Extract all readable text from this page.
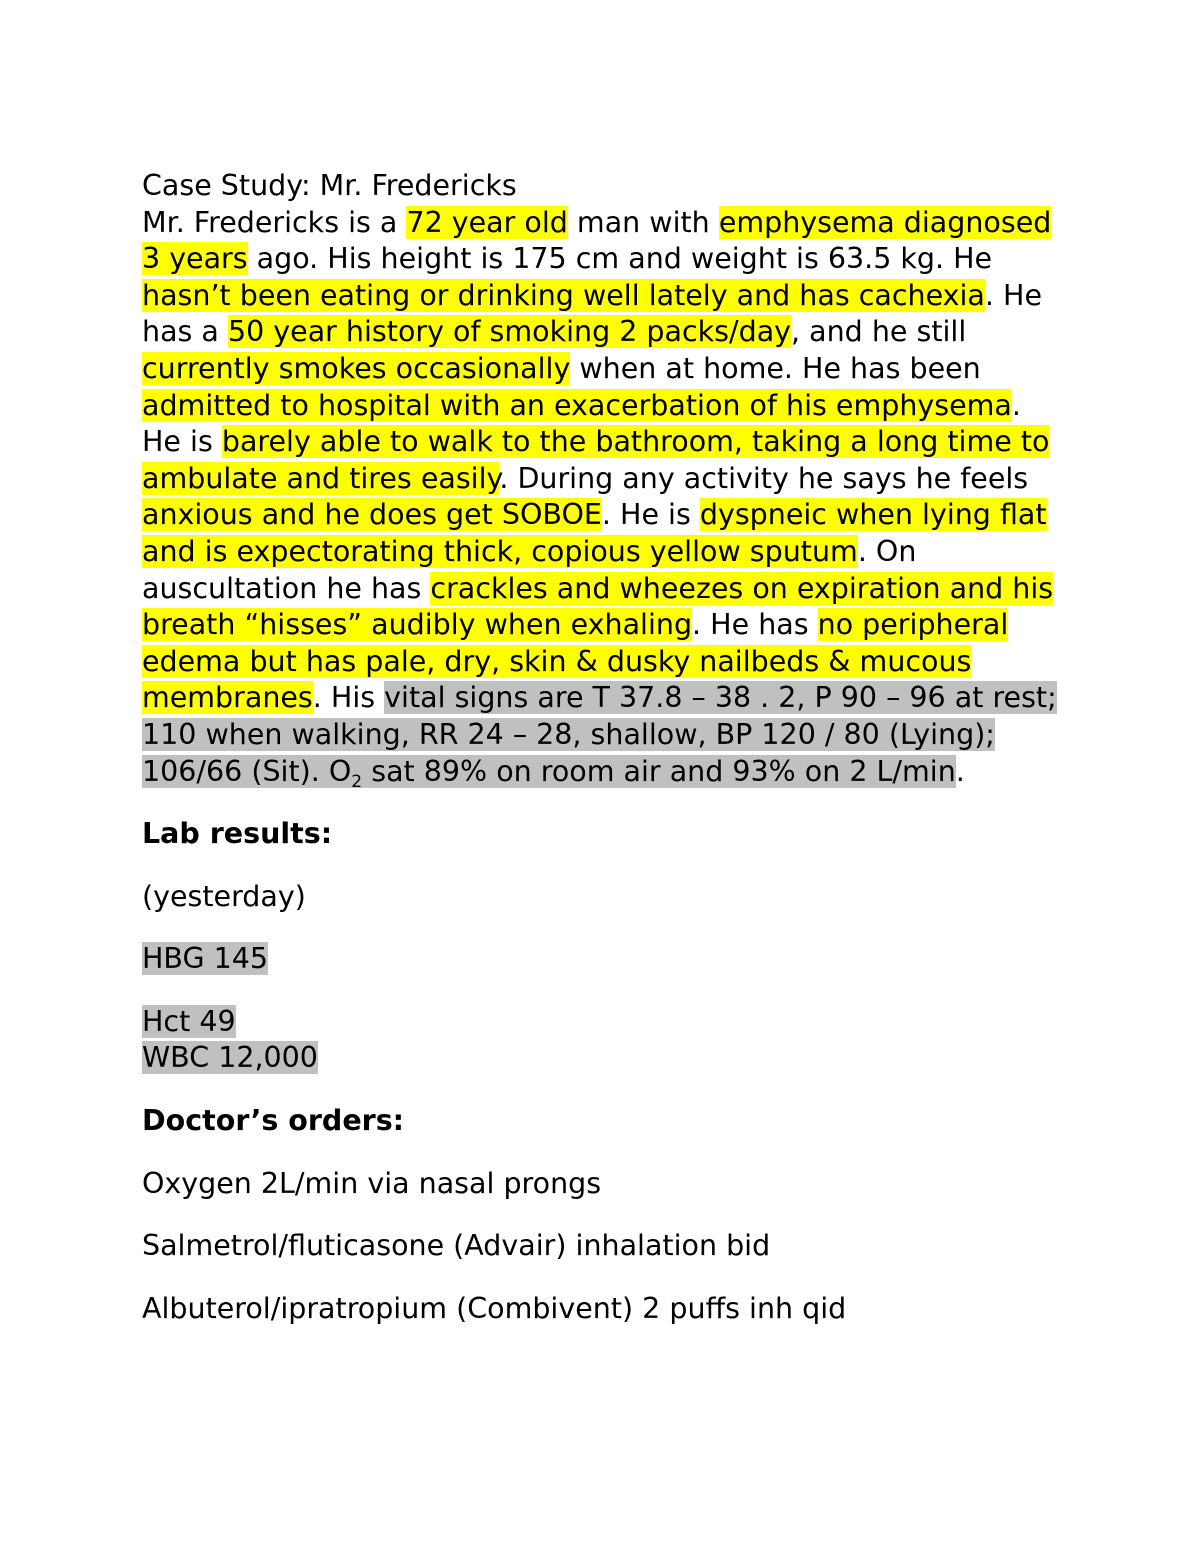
Case Study: Mr. Fredericks

Mr. Fredericks is a 72 year old man with emphysema diagnosed 3 years ago. His height is 175 cm and weight is 63.5 kg. He hasn’t been eating or drinking well lately and has cachexia. He has a 50 year history of smoking 2 packs/day, and he still currently smokes occasionally when at home. He has been admitted to hospital with an exacerbation of his emphysema. He is barely able to walk to the bathroom, taking a long time to ambulate and tires easily. During any activity he says he feels anxious and he does get SOBOE. He is dyspneic when lying flat and is expectorating thick, copious yellow sputum. On auscultation he has crackles and wheezes on expiration and his breath “hisses” audibly when exhaling. He has no peripheral edema but has pale, dry, skin & dusky nailbeds & mucous membranes. His vital signs are T 37.8 – 38 . 2, P 90 – 96 at rest; 110 when walking, RR 24 – 28, shallow, BP 120 / 80 (Lying); 106/66 (Sit). $O_2$ sat 89% on room air and 93% on 2 L/min.

Lab results:

(yesterday)

HBG 145

Hct 49
WBC 12,000

Doctor’s orders:

Oxygen 2L/min via nasal prongs

Salmetrol/fluticasone (Advair) inhalation bid

Albuterol/ipratropium (Combivent) 2 puffs inh qid
